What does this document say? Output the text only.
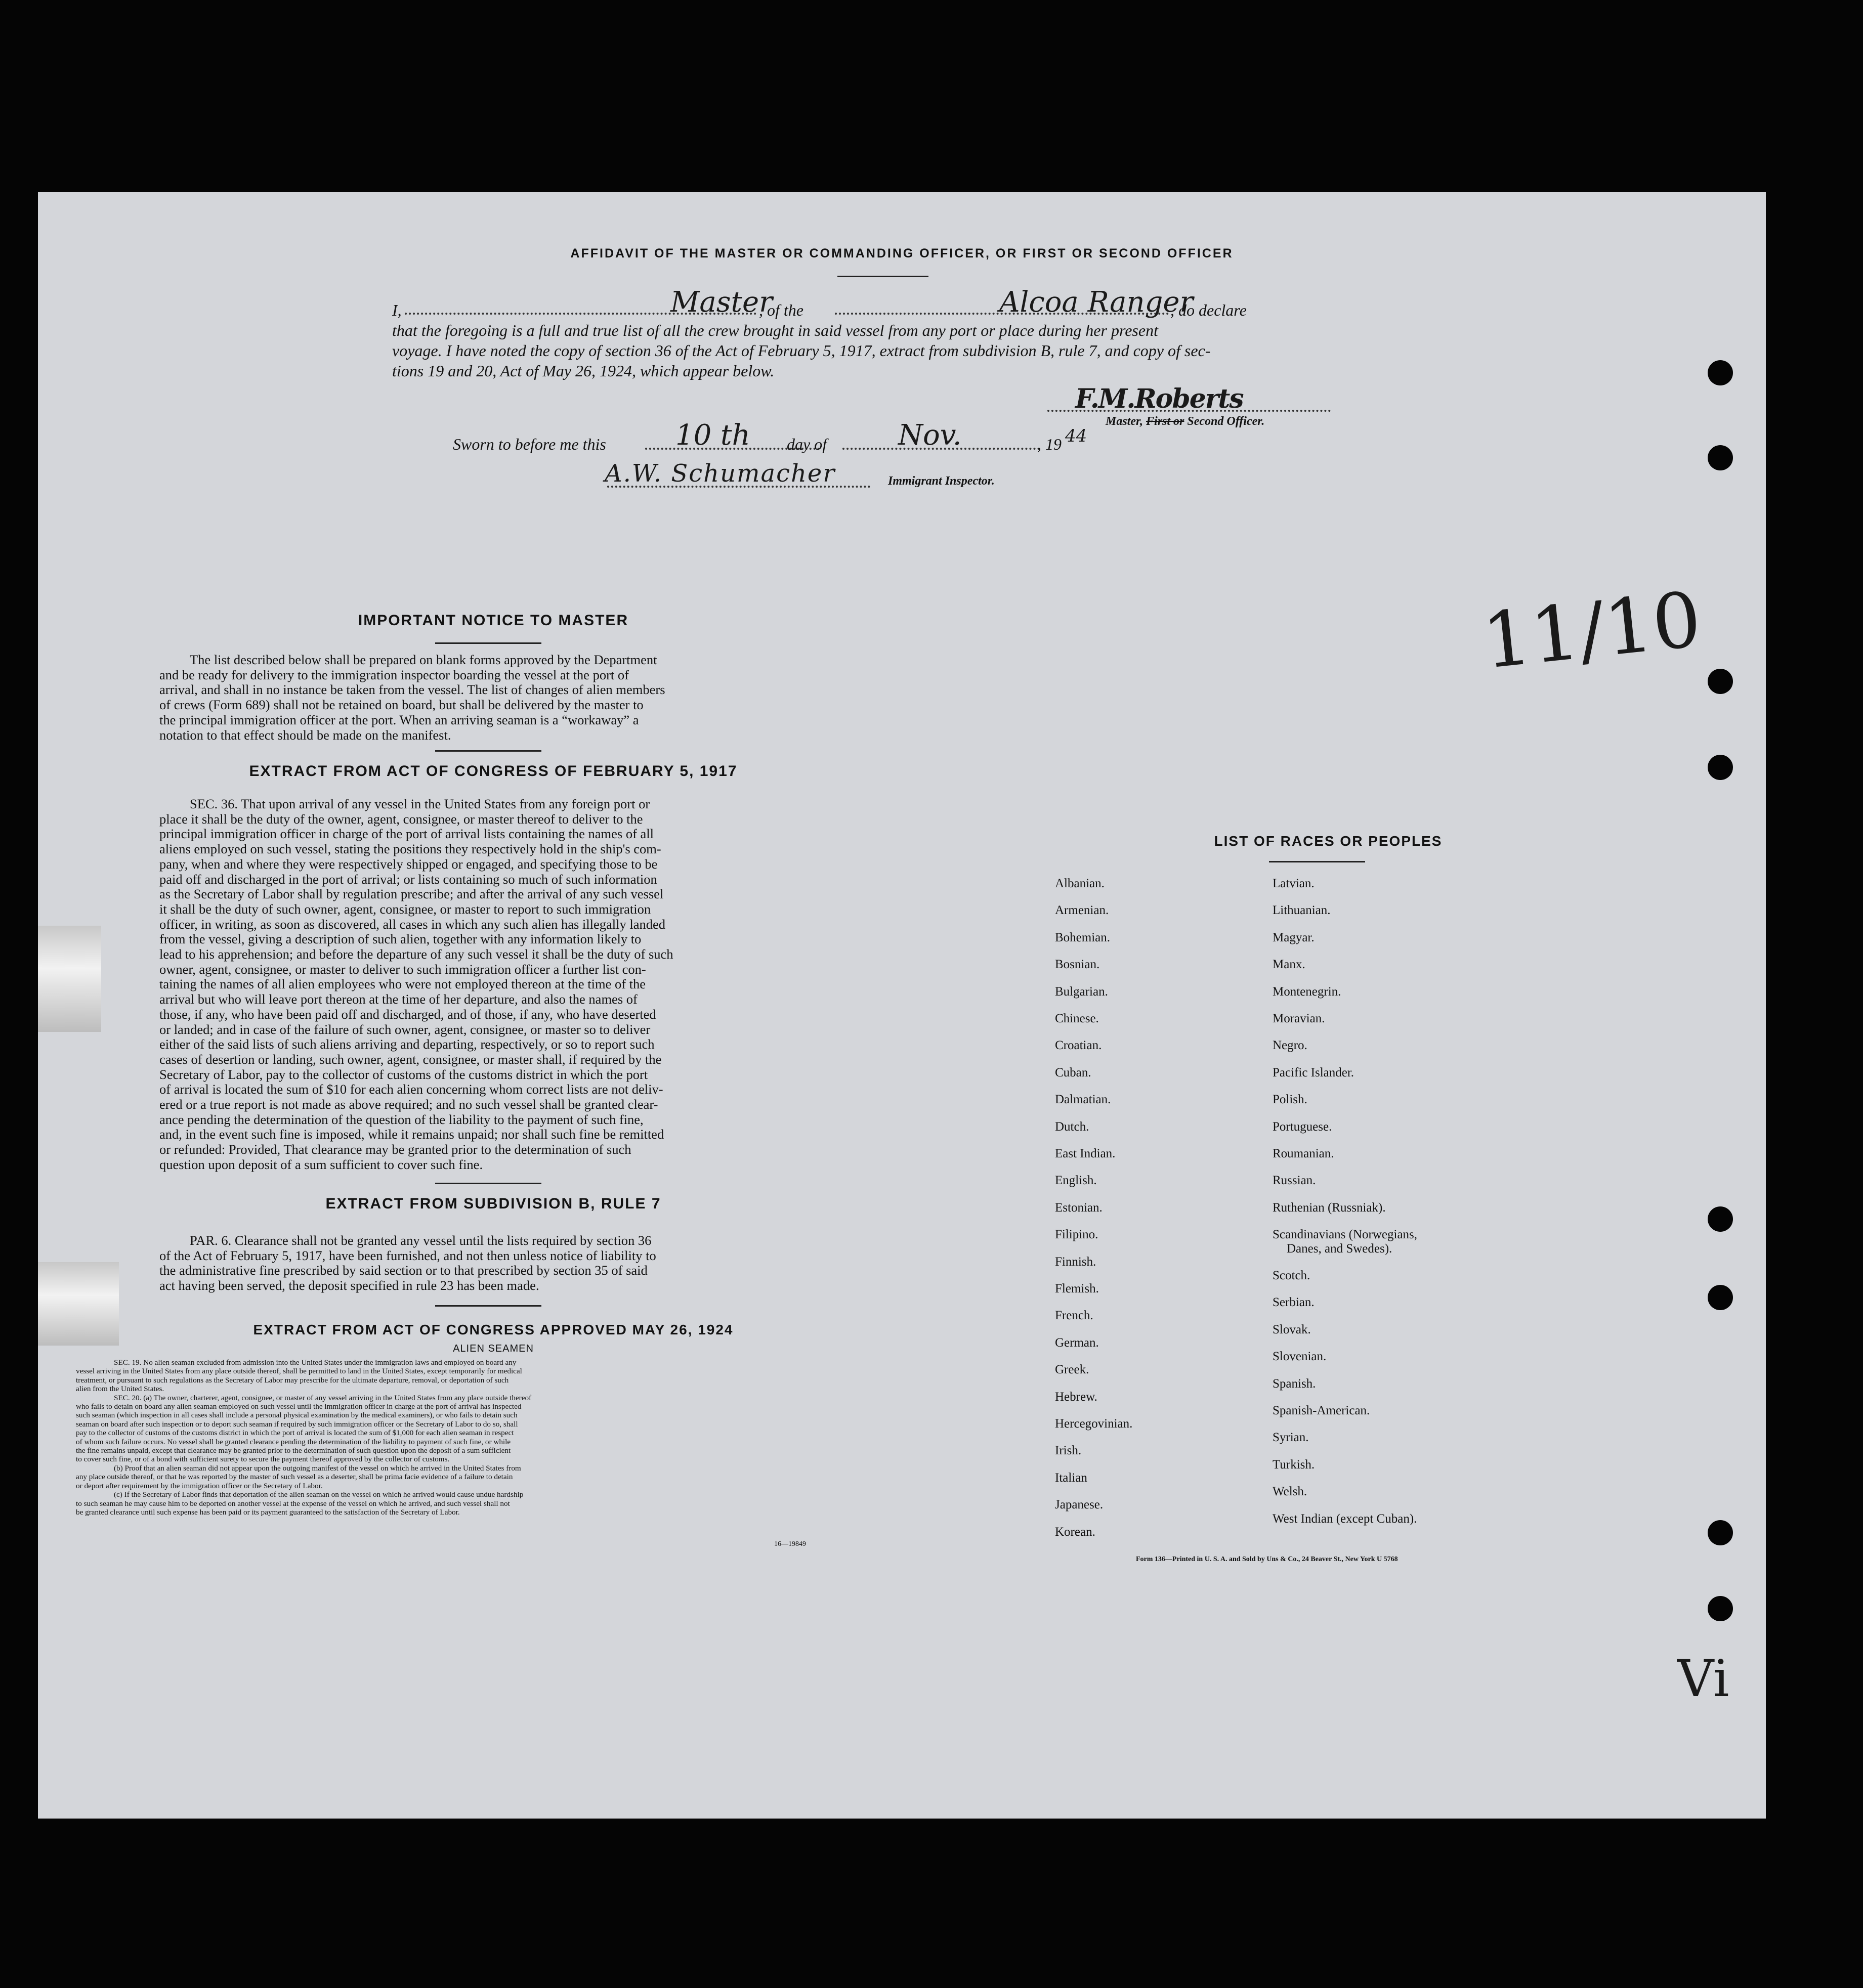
AFFIDAVIT OF THE MASTER OR COMMANDING OFFICER, OR FIRST OR SECOND OFFICER
I,	Master
, of the	Alcoa Ranger
, do declare
that the foregoing is a full and true list of all the crew brought in said vessel from any port or place during her present
voyage. I have noted the copy of section 36 of the Act of February 5, 1917, extract from subdivision B, rule 7, and copy of sec-
tions 19 and 20, Act of May 26, 1924, which appear below.
F.M.Roberts
Master, First or Second Officer.
Sworn to before me this 10 th day of	Nov.	, 19 44
A.W. Schumacher	Immigrant Inspector.
11/10
Vi
IMPORTANT NOTICE TO MASTER
The list described below shall be prepared on blank forms approved by the Department
and be ready for delivery to the immigration inspector boarding the vessel at the port of
arrival, and shall in no instance be taken from the vessel. The list of changes of alien members
of crews (Form 689) shall not be retained on board, but shall be delivered by the master to
the principal immigration officer at the port. When an arriving seaman is a “workaway” a
notation to that effect should be made on the manifest.
EXTRACT FROM ACT OF CONGRESS OF FEBRUARY 5, 1917
SEC. 36. That upon arrival of any vessel in the United States from any foreign port or
place it shall be the duty of the owner, agent, consignee, or master thereof to deliver to the
principal immigration officer in charge of the port of arrival lists containing the names of all
aliens employed on such vessel, stating the positions they respectively hold in the ship's com-
pany, when and where they were respectively shipped or engaged, and specifying those to be
paid off and discharged in the port of arrival; or lists containing so much of such information
as the Secretary of Labor shall by regulation prescribe; and after the arrival of any such vessel
it shall be the duty of such owner, agent, consignee, or master to report to such immigration
officer, in writing, as soon as discovered, all cases in which any such alien has illegally landed
from the vessel, giving a description of such alien, together with any information likely to
lead to his apprehension; and before the departure of any such vessel it shall be the duty of such
owner, agent, consignee, or master to deliver to such immigration officer a further list con-
taining the names of all alien employees who were not employed thereon at the time of the
arrival but who will leave port thereon at the time of her departure, and also the names of
those, if any, who have been paid off and discharged, and of those, if any, who have deserted
or landed; and in case of the failure of such owner, agent, consignee, or master so to deliver
either of the said lists of such aliens arriving and departing, respectively, or so to report such
cases of desertion or landing, such owner, agent, consignee, or master shall, if required by the
Secretary of Labor, pay to the collector of customs of the customs district in which the port
of arrival is located the sum of $10 for each alien concerning whom correct lists are not deliv-
ered or a true report is not made as above required; and no such vessel shall be granted clear-
ance pending the determination of the question of the liability to the payment of such fine,
and, in the event such fine is imposed, while it remains unpaid; nor shall such fine be remitted
or refunded: Provided, That clearance may be granted prior to the determination of such
question upon deposit of a sum sufficient to cover such fine.
EXTRACT FROM SUBDIVISION B, RULE 7
PAR. 6. Clearance shall not be granted any vessel until the lists required by section 36
of the Act of February 5, 1917, have been furnished, and not then unless notice of liability to
the administrative fine prescribed by said section or to that prescribed by section 35 of said
act having been served, the deposit specified in rule 23 has been made.
EXTRACT FROM ACT OF CONGRESS APPROVED MAY 26, 1924
ALIEN SEAMEN
SEC. 19. No alien seaman excluded from admission into the United States under the immigration laws and employed on board any
vessel arriving in the United States from any place outside thereof, shall be permitted to land in the United States, except temporarily for medical
treatment, or pursuant to such regulations as the Secretary of Labor may prescribe for the ultimate departure, removal, or deportation of such
alien from the United States.
SEC. 20. (a) The owner, charterer, agent, consignee, or master of any vessel arriving in the United States from any place outside thereof
who fails to detain on board any alien seaman employed on such vessel until the immigration officer in charge at the port of arrival has inspected
such seaman (which inspection in all cases shall include a personal physical examination by the medical examiners), or who fails to detain such
seaman on board after such inspection or to deport such seaman if required by such immigration officer or the Secretary of Labor to do so, shall
pay to the collector of customs of the customs district in which the port of arrival is located the sum of $1,000 for each alien seaman in respect
of whom such failure occurs. No vessel shall be granted clearance pending the determination of the liability to payment of such fine, or while
the fine remains unpaid, except that clearance may be granted prior to the determination of such question upon the deposit of a sum sufficient
to cover such fine, or of a bond with sufficient surety to secure the payment thereof approved by the collector of customs.
(b) Proof that an alien seaman did not appear upon the outgoing manifest of the vessel on which he arrived in the United States from
any place outside thereof, or that he was reported by the master of such vessel as a deserter, shall be prima facie evidence of a failure to detain
or deport after requirement by the immigration officer or the Secretary of Labor.
(c) If the Secretary of Labor finds that deportation of the alien seaman on the vessel on which he arrived would cause undue hardship
to such seaman he may cause him to be deported on another vessel at the expense of the vessel on which he arrived, and such vessel shall not
be granted clearance until such expense has been paid or its payment guaranteed to the satisfaction of the Secretary of Labor.
16—19849
LIST OF RACES OR PEOPLES
Albanian.
Armenian.
Bohemian.
Bosnian.
Bulgarian.
Chinese.
Croatian.
Cuban.
Dalmatian.
Dutch.
East Indian.
English.
Estonian.
Filipino.
Finnish.
Flemish.
French.
German.
Greek.
Hebrew.
Hercegovinian.
Irish.
Italian
Japanese.
Korean.
Latvian.
Lithuanian.
Magyar.
Manx.
Montenegrin.
Moravian.
Negro.
Pacific Islander.
Polish.
Portuguese.
Roumanian.
Russian.
Ruthenian (Russniak).
Scandinavians (Norwegians,
Danes, and Swedes).
Scotch.
Serbian.
Slovak.
Slovenian.
Spanish.
Spanish-American.
Syrian.
Turkish.
Welsh.
West Indian (except Cuban).
Form 136—Printed in U. S. A. and Sold by Uns & Co., 24 Beaver St., New York U 5768
